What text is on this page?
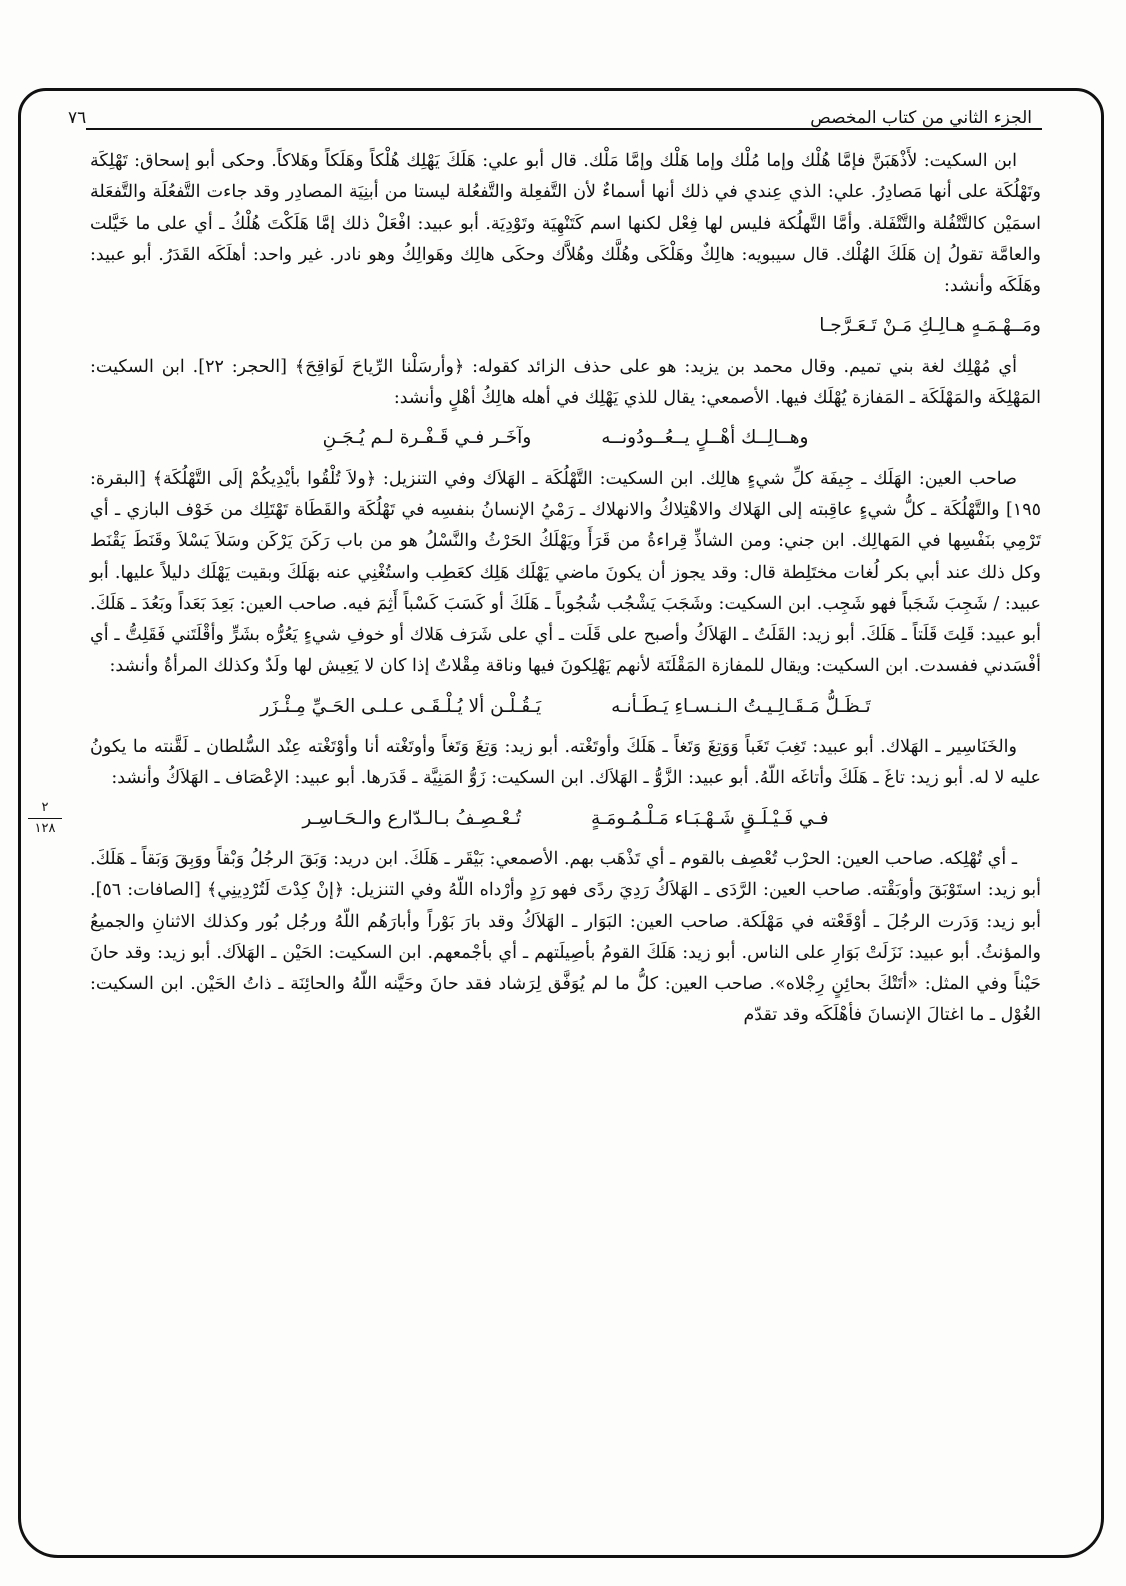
الجزء الثاني من كتاب المخصص
٧٦
٢
١٢٨

ابن السكيت: لأَذْهَبَنَّ فإمَّا هُلْك وإما مُلْك وإما هَلْك وإمَّا مَلْك. قال أبو علي: هَلَكَ يَهْلِك هُلْكاً وهَلَكاً وهَلاكاً. وحكى أبو إسحاق: تَهْلِكَة وتَهْلُكَة على أنها مَصادِرُ. علي: الذي عِندي في ذلك أنها أسماءٌ لأن التَّفعِلة والتَّفعُلة ليستا من أبنِيَة المصادِر وقد جاءت التَّفعُلَة والتَّفعَلة اسمَيْن كالتَّتْفُلة والتَّتْفَلة. وأمَّا التَّهلُكة فليس لها فِعْل لكنها اسم كَتَنْهِيَة وتَوْدِيَة. أبو عبيد: افْعَلْ ذلك إمَّا هَلَكْتَ هُلْكُ ـ أي على ما خَيَّلت والعامَّة تقولُ إن هَلَكَ الهُلْك. قال سيبويه: هالِكٌ وهَلْكَى وهُلَّك وهُلاَّك وحكَى هالِك وهَوالِكُ وهو نادر. غير واحد: أهلَكَه القَدَرُ. أبو عبيد: وهَلَكَه وأنشد:

ومَــهْـمَـهٍ هـالِـكِ مَـنْ تَـعَـرَّجـا

أي مُهْلِك لغة بني تميم. وقال محمد بن يزيد: هو على حذف الزائد كقوله: ﴿وأرسَلْنا الرِّياحَ لَوَاقِحَ﴾ [الحجر: ٢٢]. ابن السكيت: المَهْلِكَة والمَهْلَكَة ـ المَفازة يُهْلَك فيها. الأصمعي: يقال للذي يَهْلِك في أهله هالِكُ أهْلٍ وأنشد:

وهــالِــك أهْــلٍ يــعُــودُونــه
وآخَـر فـي قَـفْـرة لـم يُـجَـنِ

صاحب العين: الهَلَك ـ جِيفَة كلِّ شيءٍ هالِك. ابن السكيت: التَّهْلُكَة ـ الهَلاَك وفي التنزيل: ﴿ولاَ تُلْقُوا بأيْدِيكُمْ إلَى التَّهْلُكَة﴾ [البقرة: ١٩٥] والتَّهْلُكَة ـ كلُّ شيءٍ عاقِبته إلى الهَلاك والاهْتِلاكُ والانهلاك ـ رَمْيُ الإنسانُ بنفسِه في تَهْلُكَة والقَطَاة تَهْتَلِك من خَوْف البازي ـ أي تَرْمِي بنَفْسِها في المَهالِك. ابن جني: ومن الشاذِّ قِراءةُ من قَرَأَ ويَهْلَكُ الحَرْثُ والنَّسْلُ هو من باب رَكَنَ يَرْكَن وسَلاَ يَسْلاَ وقَنَطَ يَقْنَط وكل ذلك عند أبي بكر لُغات مختَلِطة قال: وقد يجوز أن يكونَ ماضي يَهْلَك هَلِك كعَطِب واستُغْنِي عنه بهَلَكَ وبقيت يَهْلَك دليلاً عليها. أبو عبيد: / شَجِبَ شَجَباً فهو شَجِب. ابن السكيت: وشَجَبَ يَشْجُب شُجُوباً ـ هَلَكَ أو كَسَبَ كَسْباً أَثِمَ فيه. صاحب العين: بَعِدَ بَعَداً وبَعُدَ ـ هَلَكَ. أبو عبيد: قَلِتَ قَلَتاً ـ هَلَكَ. أبو زيد: القَلَتُ ـ الهَلاَكُ وأصبح على قَلَت ـ أي على شَرَف هَلاك أو خوفِ شيءٍ يَعُرُّه بشَرٍّ وأقْلَتَني فَقَلِتُّ ـ أي أفْسَدني ففسدت. ابن السكيت: ويقال للمفازة المَقْلَتَة لأنهم يَهْلِكونَ فيها وناقة مِقْلاتٌ إذا كان لا يَعِيش لها ولَدٌ وكذلك المرأةُ وأنشد:

تَـظَـلُّ مَـقَـالِـيـتُ الـنـسـاءِ يَـطَـأنـه
يَـقُـلْـن ألا يُـلْـقَـى عـلـى الحَـيِّ مِـئْـزَر

والخَنَاسِير ـ الهَلاك. أبو عبيد: تَغِبَ تَغَباً وَوَتِغَ وَتَغاً ـ هَلَكَ وأوتَغْته. أبو زيد: وَتِغَ وَتَغاً وأوتَغْته أنا وأوْتَغْته عِنْد السُّلطان ـ لَقَّنته ما يكونُ عليه لا له. أبو زيد: تاغَ ـ هَلَكَ وأتاغَه اللّهُ. أبو عبيد: الزَّوُّ ـ الهَلاَك. ابن السكيت: زَوُّ المَنِيَّة ـ قَدَرها. أبو عبيد: الإعْصَاف ـ الهَلاَكُ وأنشد:

فـي فَـيْـلَـقٍ شَـهْـبَـاء مَـلْـمُـومَـةٍ
تُـعْـصِـفُ بـالـدّارع والـحَـاسِـر

ـ أي تُهْلِكه. صاحب العين: الحرْب تُعْصِف بالقوم ـ أي تَذْهَب بهم. الأصمعي: بَيْقَر ـ هَلَكَ. ابن دريد: وَبَقَ الرجُلُ وَبْقاً ووَبِقَ وَبَقاً ـ هَلَكَ. أبو زيد: استَوْبَقَ وأوبَقْته. صاحب العين: الرَّدَى ـ الهَلاَكُ رَدِيَ ردًى فهو رَدٍ وأرْداه اللّهُ وفي التنزيل: ﴿إنْ كِدْتَ لَتُرْدِينِي﴾ [الصافات: ٥٦]. أبو زيد: وَدَرت الرجُلَ ـ أوْقَعْته في مَهْلَكة. صاحب العين: البَوَار ـ الهَلاَكُ وقد بارَ بَوْراً وأبارَهُم اللّهُ ورجُل بُور وكذلك الاثنانِ والجميعُ والمؤنثُ. أبو عبيد: نَزَلَتْ بَوَارِ على الناس. أبو زيد: هَلَكَ القومُ بأصِيلَتهم ـ أي بأجْمعهم. ابن السكيت: الحَيْن ـ الهَلاَك. أبو زيد: وقد حانَ حَيْناً وفي المثل: «أتَتْكَ بحائِنٍ رِجْلاه». صاحب العين: كلُّ ما لم يُوَفَّق لِرَشاد فقد حانَ وحَيَّنه اللّهُ والحائِنَة ـ ذاتُ الحَيْن. ابن السكيت: الغُوْل ـ ما اغتالَ الإنسانَ فأهْلَكَه وقد تقدّم
